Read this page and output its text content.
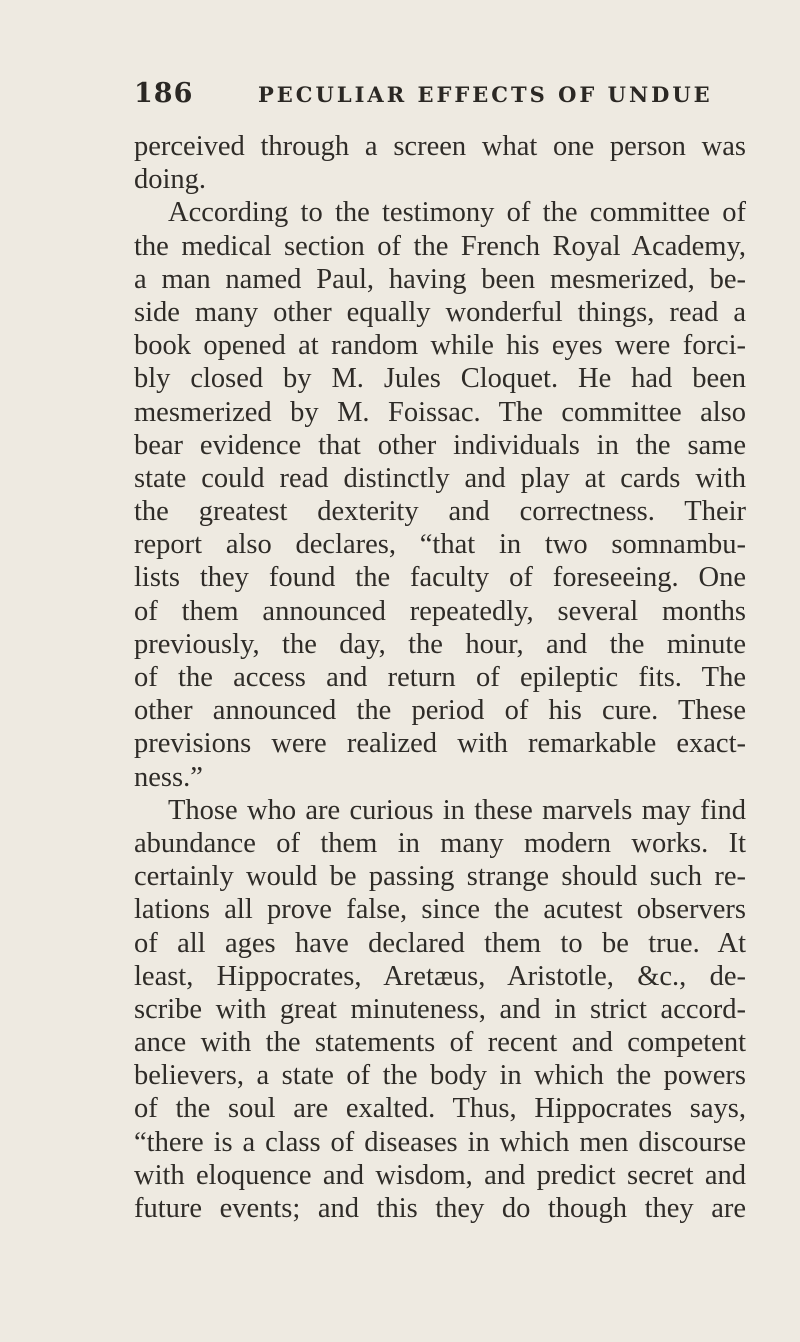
186	PECULIAR EFFECTS OF UNDUE
perceived through a screen what one person was
doing.
According to the testimony of the committee of
the medical section of the French Royal Academy,
a man named Paul, having been mesmerized, be-
side many other equally wonderful things, read a
book opened at random while his eyes were forci-
bly closed by M. Jules Cloquet. He had been
mesmerized by M. Foissac. The committee also
bear evidence that other individuals in the same
state could read distinctly and play at cards with
the greatest dexterity and correctness. Their
report also declares, “that in two somnambu-
lists they found the faculty of foreseeing. One
of them announced repeatedly, several months
previously, the day, the hour, and the minute
of the access and return of epileptic fits. The
other announced the period of his cure. These
previsions were realized with remarkable exact-
ness.”
Those who are curious in these marvels may find
abundance of them in many modern works. It
certainly would be passing strange should such re-
lations all prove false, since the acutest observers
of all ages have declared them to be true. At
least, Hippocrates, Aretæus, Aristotle, &c., de-
scribe with great minuteness, and in strict accord-
ance with the statements of recent and competent
believers, a state of the body in which the powers
of the soul are exalted. Thus, Hippocrates says,
“there is a class of diseases in which men discourse
with eloquence and wisdom, and predict secret and
future events; and this they do though they are
